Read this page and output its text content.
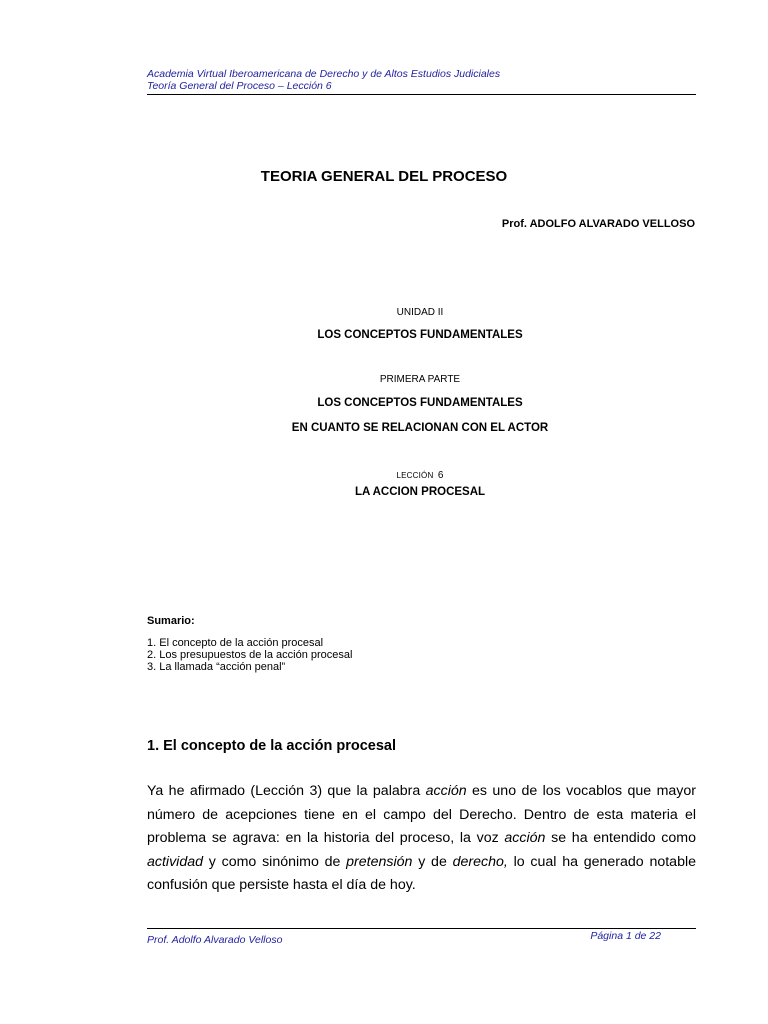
Academia Virtual Iberoamericana de Derecho y de Altos Estudios Judiciales
Teoría General del Proceso – Lección 6
TEORIA GENERAL DEL PROCESO
Prof. ADOLFO ALVARADO VELLOSO
UNIDAD II
LOS CONCEPTOS FUNDAMENTALES
PRIMERA PARTE
LOS CONCEPTOS FUNDAMENTALES
EN CUANTO SE RELACIONAN CON EL ACTOR
LECCIÓN 6
LA ACCION PROCESAL
Sumario:
1. El concepto de la acción procesal
2. Los presupuestos de la acción procesal
3. La llamada “acción penal”
1. El concepto de la acción procesal
Ya he afirmado (Lección 3) que la palabra acción es uno de los vocablos que mayor número de acepciones tiene en el campo del Derecho. Dentro de esta materia el problema se agrava: en la historia del proceso, la voz acción se ha entendido como actividad y como sinónimo de pretensión y de derecho, lo cual ha generado notable confusión que persiste hasta el día de hoy.
Prof. Adolfo Alvarado Velloso	Página 1 de 22
